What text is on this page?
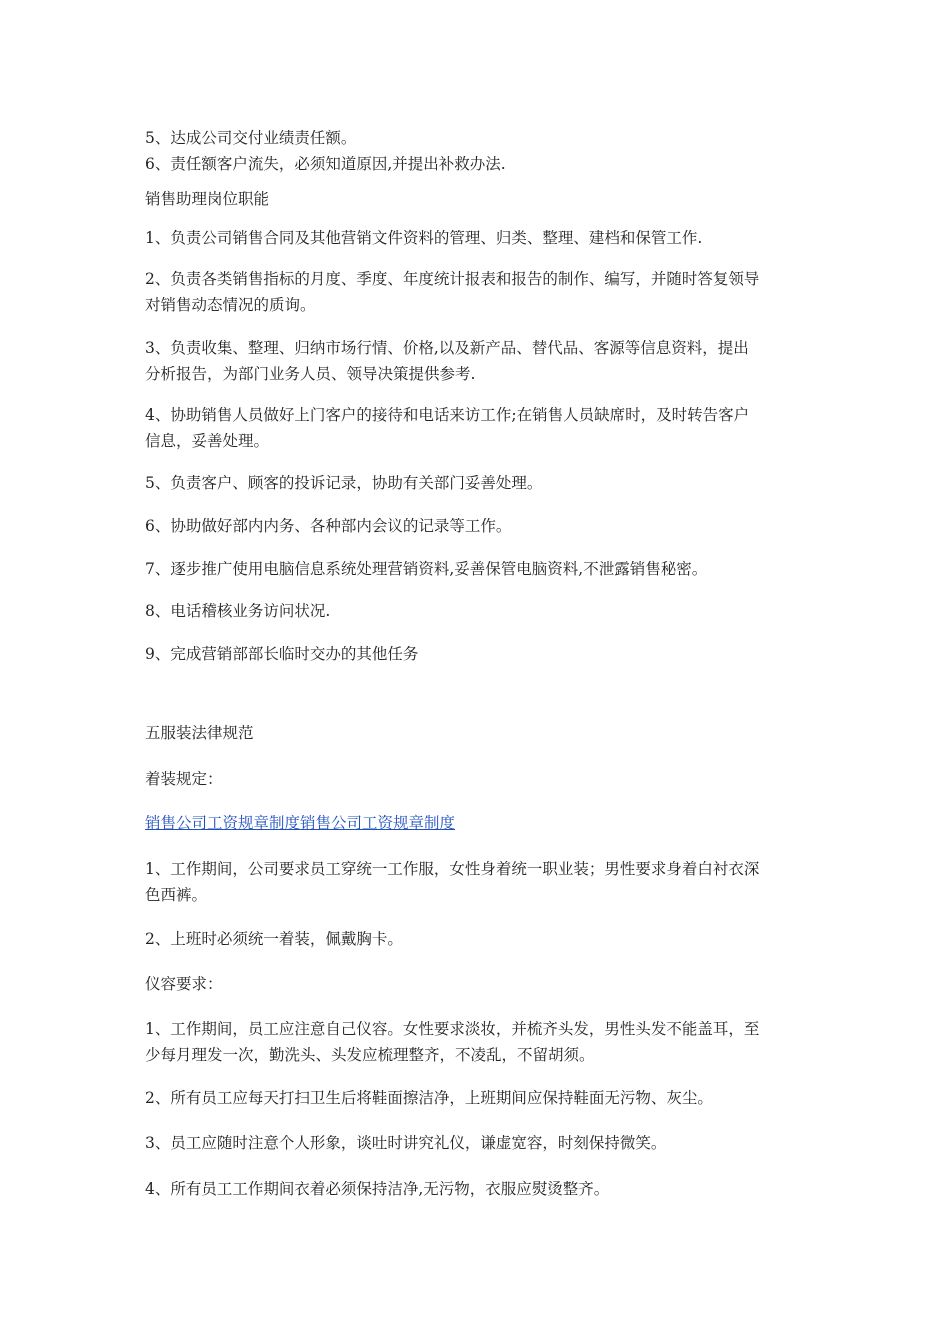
5、达成公司交付业绩责任额。

6、责任额客户流失，必须知道原因,并提出补救办法.

销售助理岗位职能

1、负责公司销售合同及其他营销文件资料的管理、归类、整理、建档和保管工作.

2、负责各类销售指标的月度、季度、年度统计报表和报告的制作、编写，并随时答复领导

对销售动态情况的质询。

3、负责收集、整理、归纳市场行情、价格,以及新产品、替代品、客源等信息资料，提出

分析报告，为部门业务人员、领导决策提供参考.

4、协助销售人员做好上门客户的接待和电话来访工作;在销售人员缺席时，及时转告客户

信息，妥善处理。

5、负责客户、顾客的投诉记录，协助有关部门妥善处理。

6、协助做好部内内务、各种部内会议的记录等工作。

7、逐步推广使用电脑信息系统处理营销资料,妥善保管电脑资料,不泄露销售秘密。

8、电话稽核业务访问状况.

9、完成营销部部长临时交办的其他任务

五服装法律规范

着装规定：

销售公司工资规章制度销售公司工资规章制度

1、工作期间，公司要求员工穿统一工作服，女性身着统一职业装；男性要求身着白衬衣深

色西裤。

2、上班时必须统一着装，佩戴胸卡。

仪容要求：

1、工作期间，员工应注意自己仪容。女性要求淡妆，并梳齐头发，男性头发不能盖耳，至

少每月理发一次，勤洗头、头发应梳理整齐，不凌乱，不留胡须。

2、所有员工应每天打扫卫生后将鞋面擦洁净，上班期间应保持鞋面无污物、灰尘。

3、员工应随时注意个人形象，谈吐时讲究礼仪，谦虚宽容，时刻保持微笑。

4、所有员工工作期间衣着必须保持洁净,无污物，衣服应熨烫整齐。
